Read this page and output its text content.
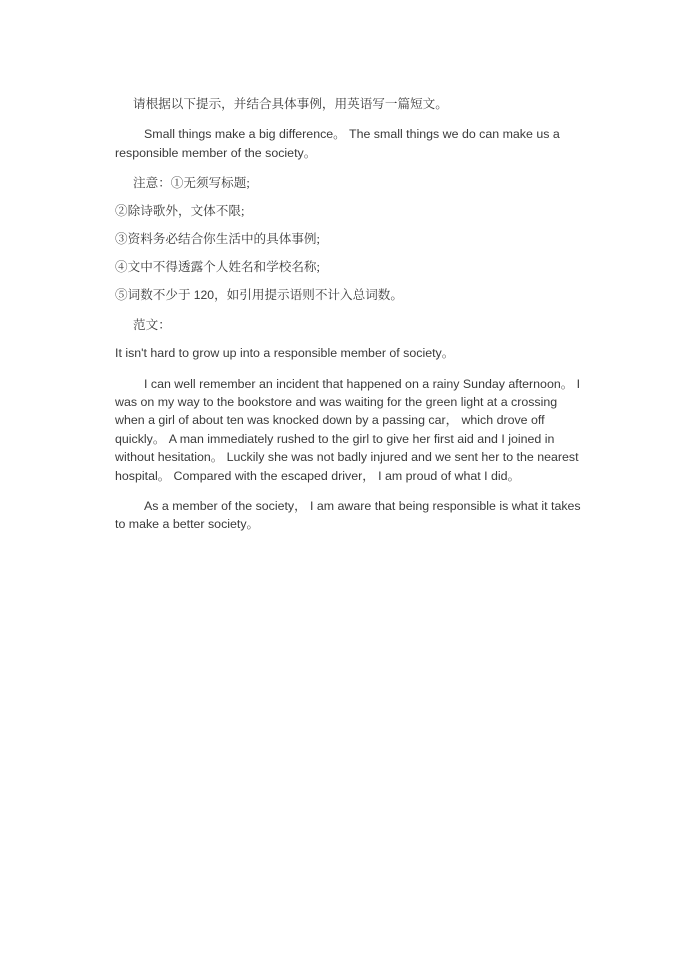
请根据以下提示，并结合具体事例，用英语写一篇短文。

Small things make a big difference。 The small things we do can make us a responsible member of the society。

注意：①无须写标题;

②除诗歌外，文体不限;

③资料务必结合你生活中的具体事例;

④文中不得透露个人姓名和学校名称;

⑤词数不少于 120，如引用提示语则不计入总词数。

范文：

It isn't hard to grow up into a responsible member of society。

I can well remember an incident that happened on a rainy Sunday afternoon。 I was on my way to the bookstore and was waiting for the green light at a crossing when a girl of about ten was knocked down by a passing car， which drove off quickly。 A man immediately rushed to the girl to give her first aid and I joined in without hesitation。 Luckily she was not badly injured and we sent her to the nearest hospital。 Compared with the escaped driver， I am proud of what I did。

As a member of the society， I am aware that being responsible is what it takes to make a better society。
